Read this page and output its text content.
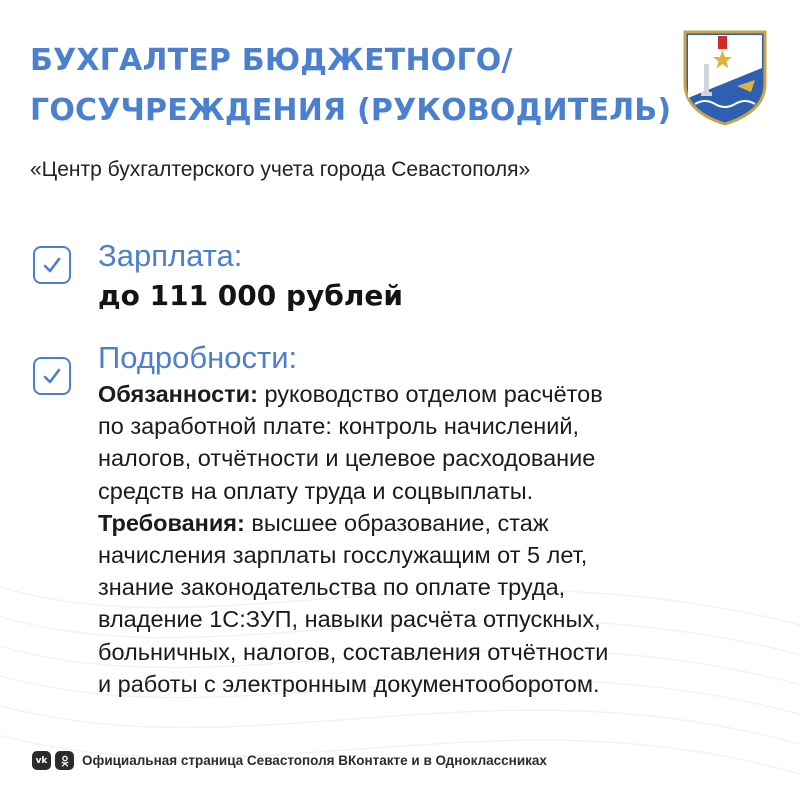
БУХГАЛТЕР БЮДЖЕТНОГО/
ГОСУЧРЕЖДЕНИЯ (РУКОВОДИТЕЛЬ)
«Центр бухгалтерского учета города Севастополя»
Зарплата:
до 111 000 рублей
Подробности:
Обязанности: руководство отделом расчётов
по заработной плате: контроль начислений,
налогов, отчётности и целевое расходование
средств на оплату труда и соцвыплаты.
Требования: высшее образование, стаж
начисления зарплаты госслужащим от 5 лет,
знание законодательства по оплате труда,
владение 1С:ЗУП, навыки расчёта отпускных,
больничных, налогов, составления отчётности
и работы с электронным документооборотом.
vk	Официальная страница Севастополя ВКонтакте и в Одноклассниках
